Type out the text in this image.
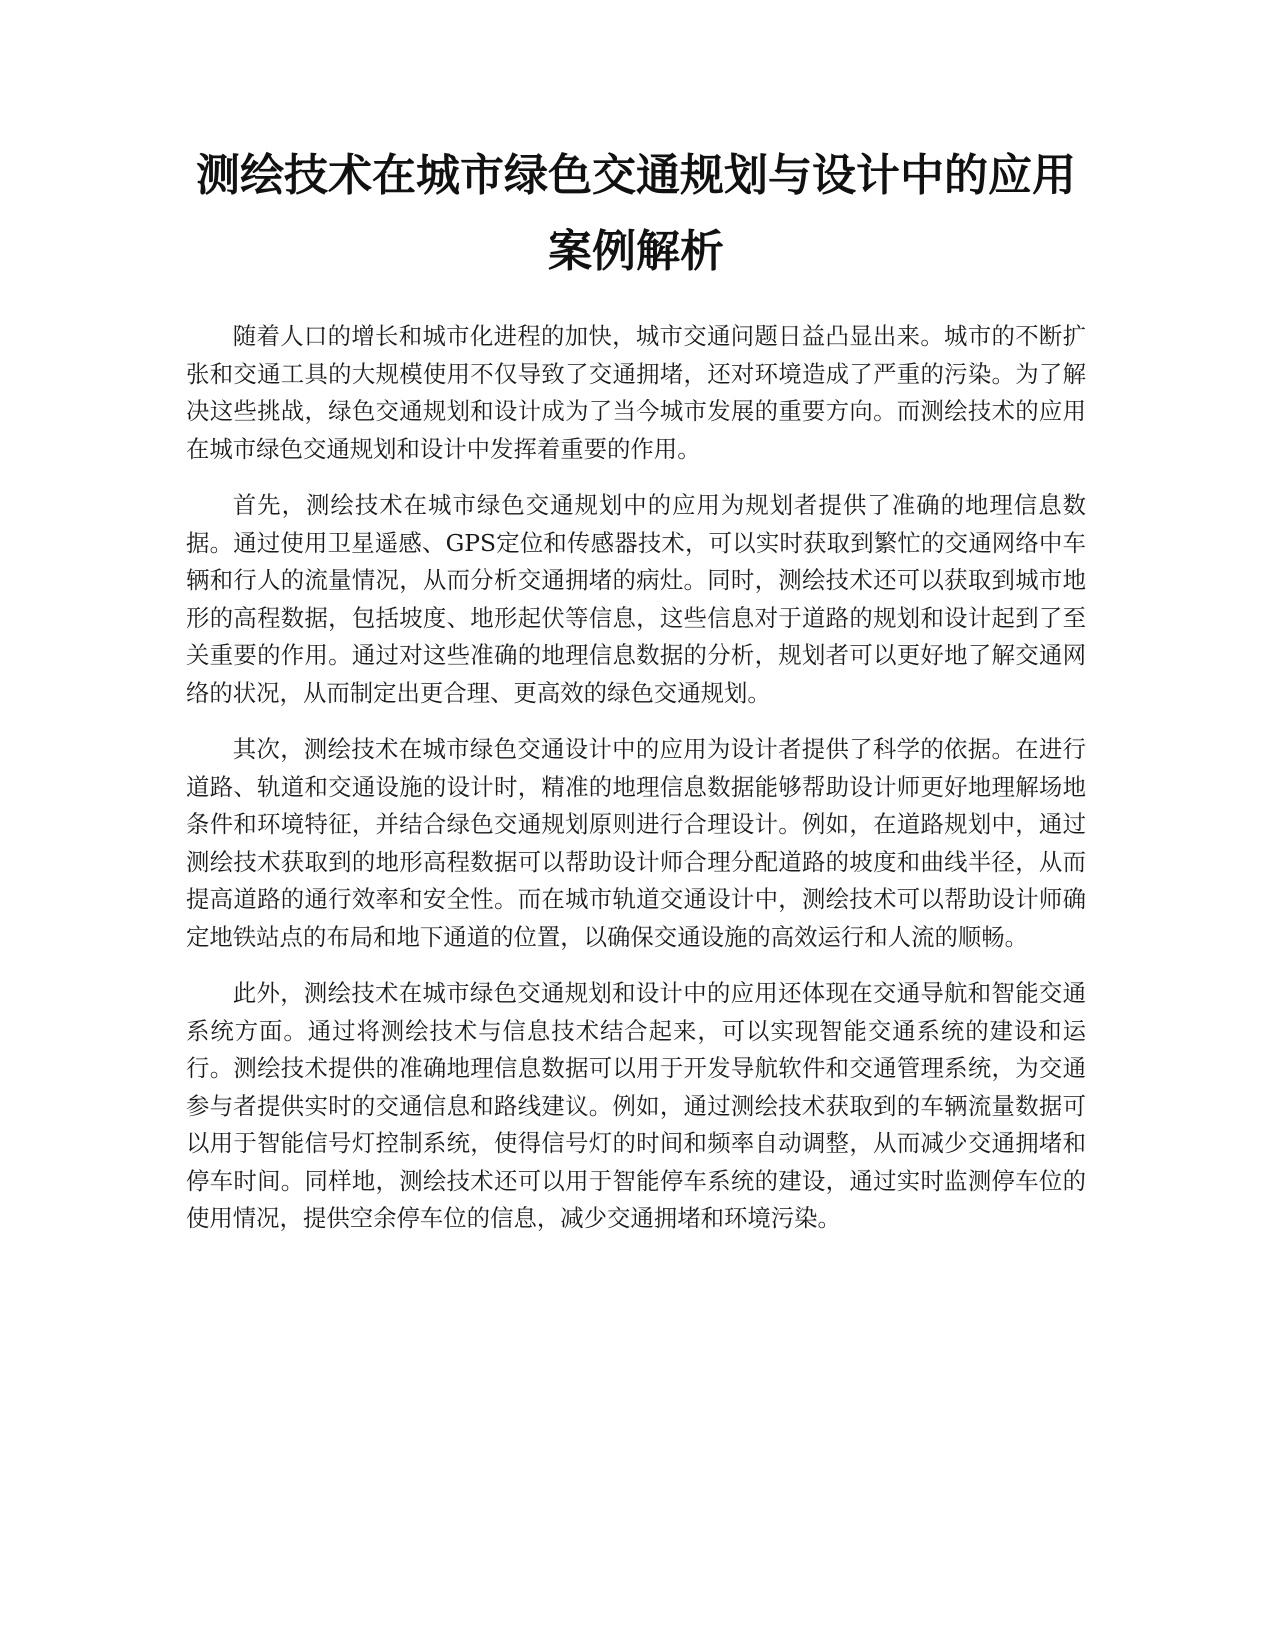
测绘技术在城市绿色交通规划与设计中的应用案例解析

随着人口的增长和城市化进程的加快，城市交通问题日益凸显出来。城市的不断扩张和交通工具的大规模使用不仅导致了交通拥堵，还对环境造成了严重的污染。为了解决这些挑战，绿色交通规划和设计成为了当今城市发展的重要方向。而测绘技术的应用在城市绿色交通规划和设计中发挥着重要的作用。

首先，测绘技术在城市绿色交通规划中的应用为规划者提供了准确的地理信息数据。通过使用卫星遥感、GPS定位和传感器技术，可以实时获取到繁忙的交通网络中车辆和行人的流量情况，从而分析交通拥堵的病灶。同时，测绘技术还可以获取到城市地形的高程数据，包括坡度、地形起伏等信息，这些信息对于道路的规划和设计起到了至关重要的作用。通过对这些准确的地理信息数据的分析，规划者可以更好地了解交通网络的状况，从而制定出更合理、更高效的绿色交通规划。

其次，测绘技术在城市绿色交通设计中的应用为设计者提供了科学的依据。在进行道路、轨道和交通设施的设计时，精准的地理信息数据能够帮助设计师更好地理解场地条件和环境特征，并结合绿色交通规划原则进行合理设计。例如，在道路规划中，通过测绘技术获取到的地形高程数据可以帮助设计师合理分配道路的坡度和曲线半径，从而提高道路的通行效率和安全性。而在城市轨道交通设计中，测绘技术可以帮助设计师确定地铁站点的布局和地下通道的位置，以确保交通设施的高效运行和人流的顺畅。

此外，测绘技术在城市绿色交通规划和设计中的应用还体现在交通导航和智能交通系统方面。通过将测绘技术与信息技术结合起来，可以实现智能交通系统的建设和运行。测绘技术提供的准确地理信息数据可以用于开发导航软件和交通管理系统，为交通参与者提供实时的交通信息和路线建议。例如，通过测绘技术获取到的车辆流量数据可以用于智能信号灯控制系统，使得信号灯的时间和频率自动调整，从而减少交通拥堵和停车时间。同样地，测绘技术还可以用于智能停车系统的建设，通过实时监测停车位的使用情况，提供空余停车位的信息，减少交通拥堵和环境污染。
